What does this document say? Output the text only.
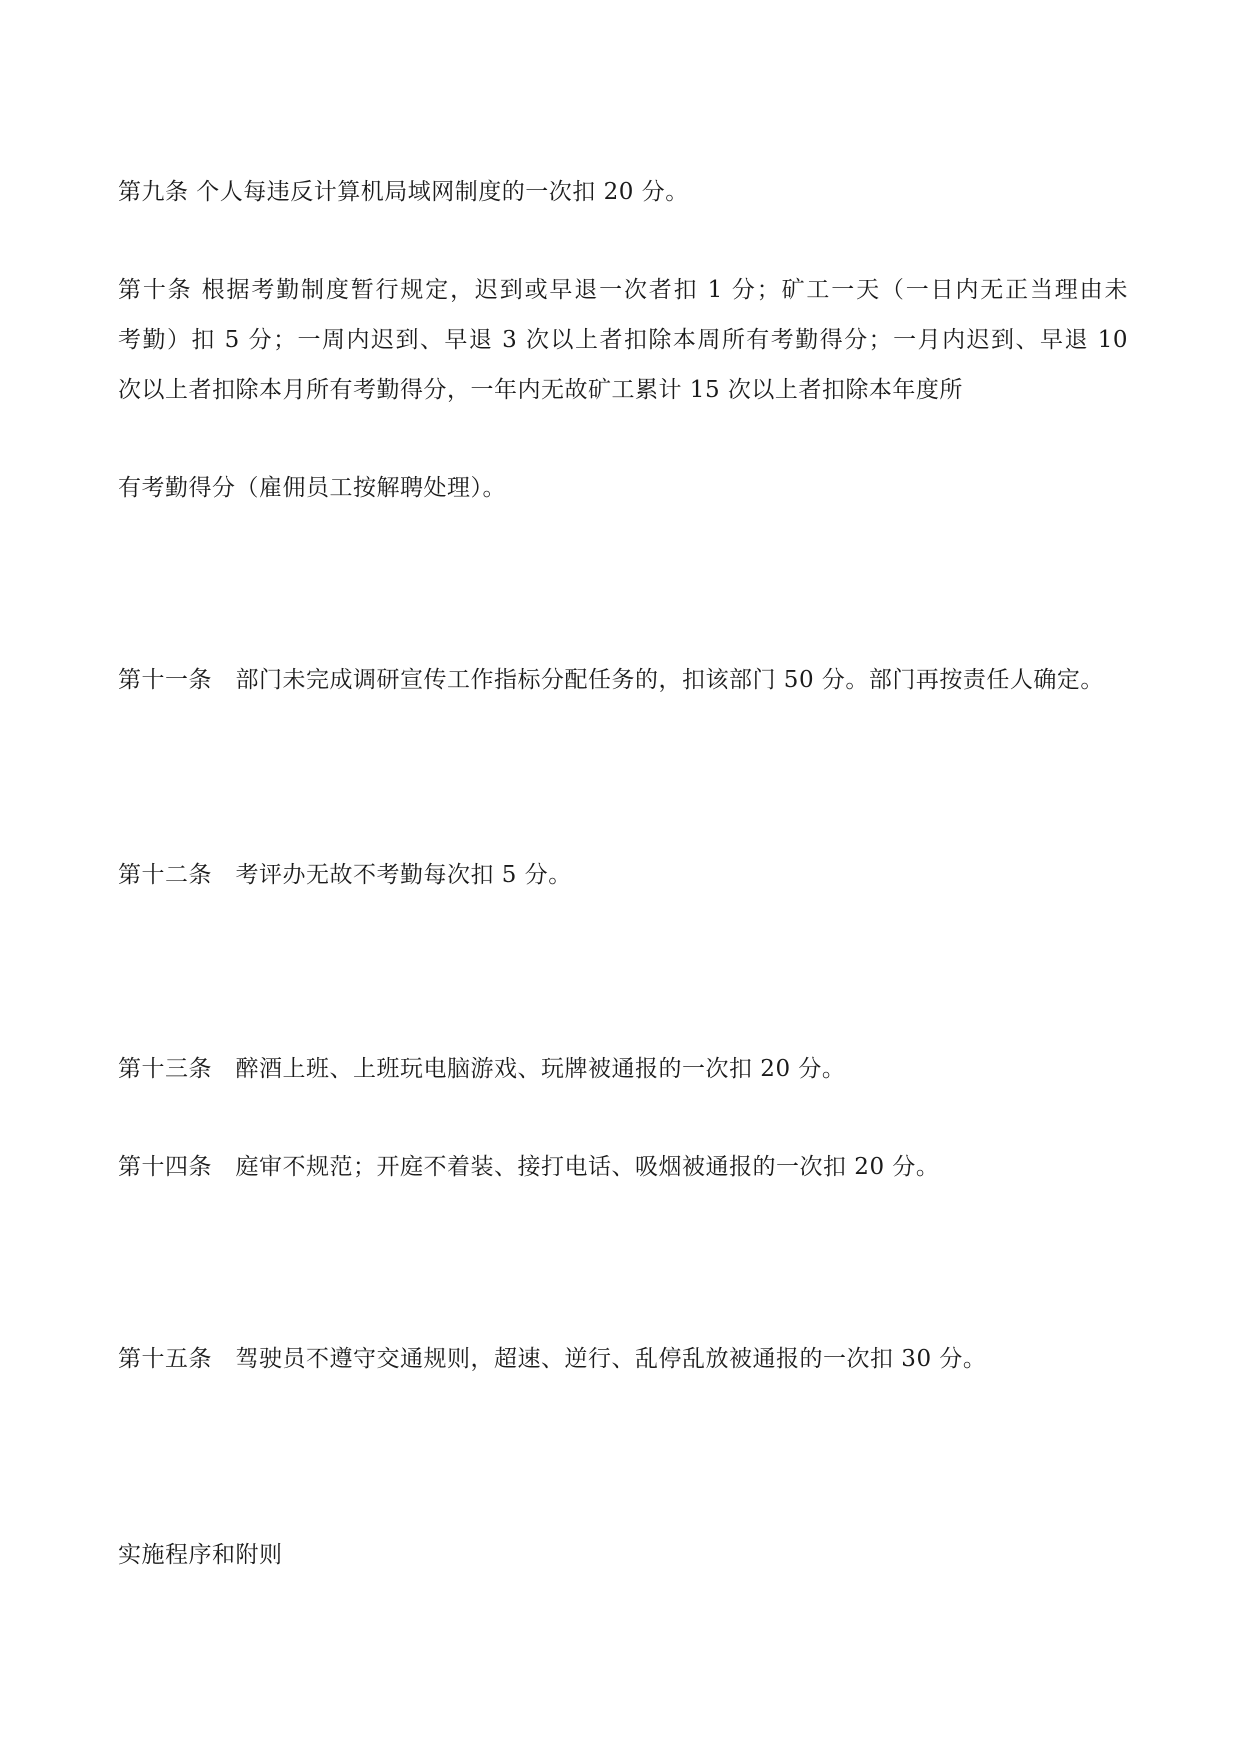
第九条 个人每违反计算机局域网制度的一次扣 20 分。
第十条 根据考勤制度暂行规定，迟到或早退一次者扣 1 分；矿工一天（一日内无正当理由未
考勤）扣 5 分；一周内迟到、早退 3 次以上者扣除本周所有考勤得分；一月内迟到、早退 10
次以上者扣除本月所有考勤得分，一年内无故矿工累计 15 次以上者扣除本年度所
有考勤得分（雇佣员工按解聘处理）。
第十一条　部门未完成调研宣传工作指标分配任务的，扣该部门 50 分。部门再按责任人确定。
第十二条　考评办无故不考勤每次扣 5 分。
第十三条　醉酒上班、上班玩电脑游戏、玩牌被通报的一次扣 20 分。
第十四条　庭审不规范；开庭不着装、接打电话、吸烟被通报的一次扣 20 分。
第十五条　驾驶员不遵守交通规则，超速、逆行、乱停乱放被通报的一次扣 30 分。
实施程序和附则
